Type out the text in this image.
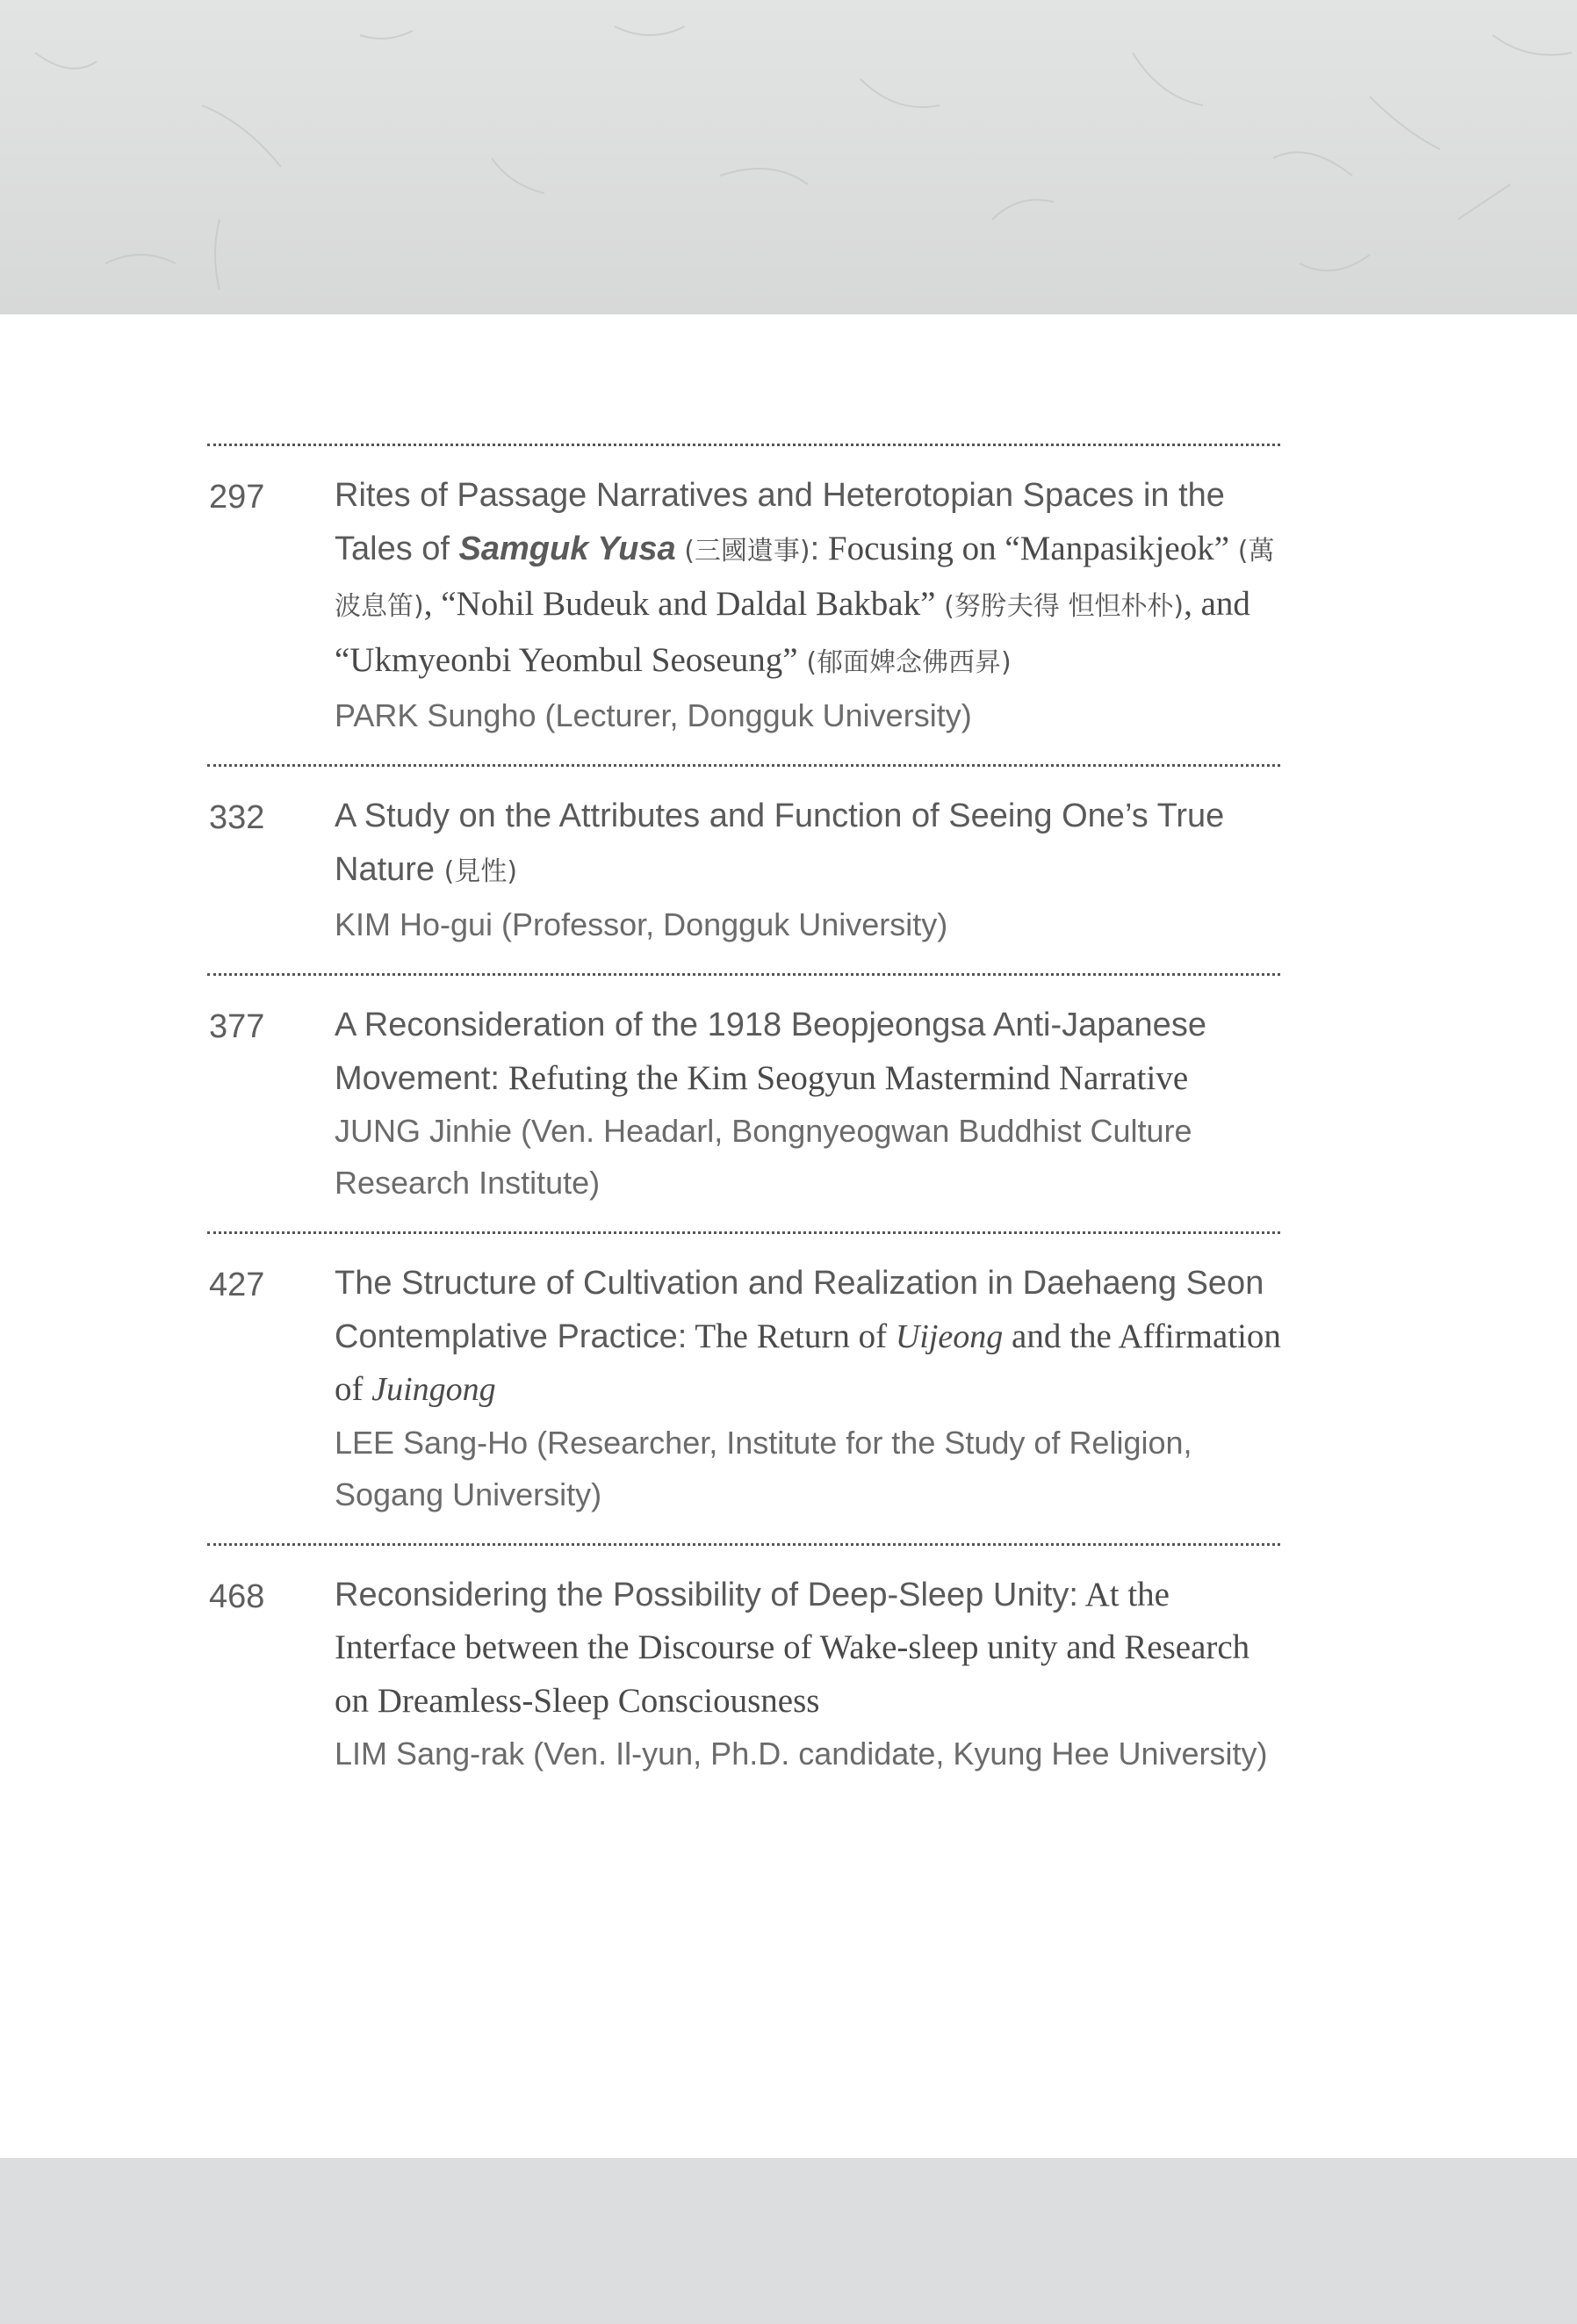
297 Rites of Passage Narratives and Heterotopian Spaces in the Tales of Samguk Yusa (三國遺事): Focusing on “Manpasikjeok” (萬波息笛), “Nohil Budeuk and Daldal Bakbak” (努肹夫得 怛怛朴朴), and “Ukmyeonbi Yeombul Seoseung” (郁面婢念佛西昇)

PARK Sungho (Lecturer, Dongguk University)

332 A Study on the Attributes and Function of Seeing One’s True Nature (見性)

KIM Ho-gui (Professor, Dongguk University)

377 A Reconsideration of the 1918 Beopjeongsa Anti-Japanese Movement: Refuting the Kim Seogyun Mastermind Narrative

JUNG Jinhie (Ven. Headarl, Bongnyeogwan Buddhist Culture Research Institute)

427 The Structure of Cultivation and Realization in Daehaeng Seon Contemplative Practice: The Return of Uijeong and the Affirmation of Juingong

LEE Sang-Ho (Researcher, Institute for the Study of Religion, Sogang University)

468 Reconsidering the Possibility of Deep-Sleep Unity: At the Interface between the Discourse of Wake-sleep unity and Research on Dreamless-Sleep Consciousness

LIM Sang-rak (Ven. Il-yun, Ph.D. candidate, Kyung Hee University)
